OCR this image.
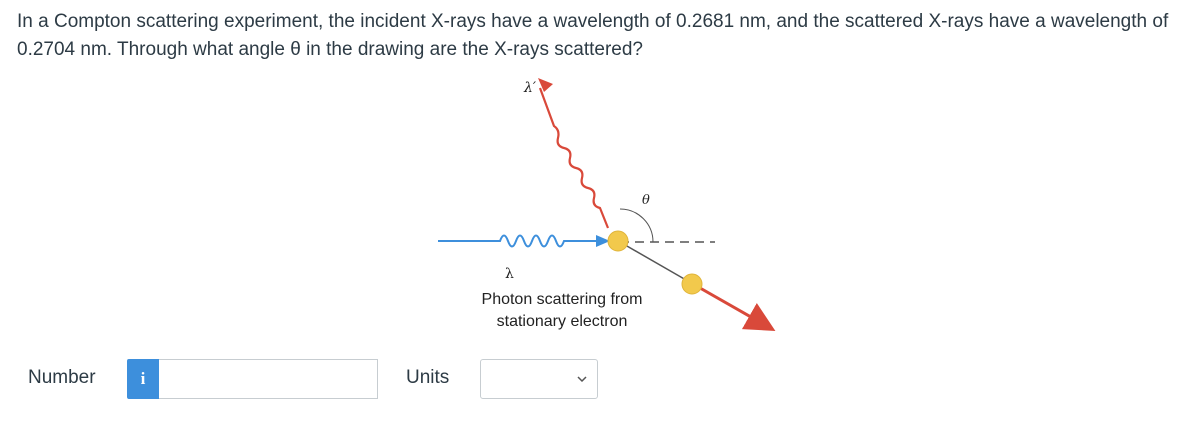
In a Compton scattering experiment, the incident X-rays have a wavelength of 0.2681 nm, and the scattered X-rays have a wavelength of 0.2704 nm. Through what angle θ in the drawing are the X-rays scattered?
θ
λ
λ′
Photon scattering from
stationary electron
Number	i	Units
